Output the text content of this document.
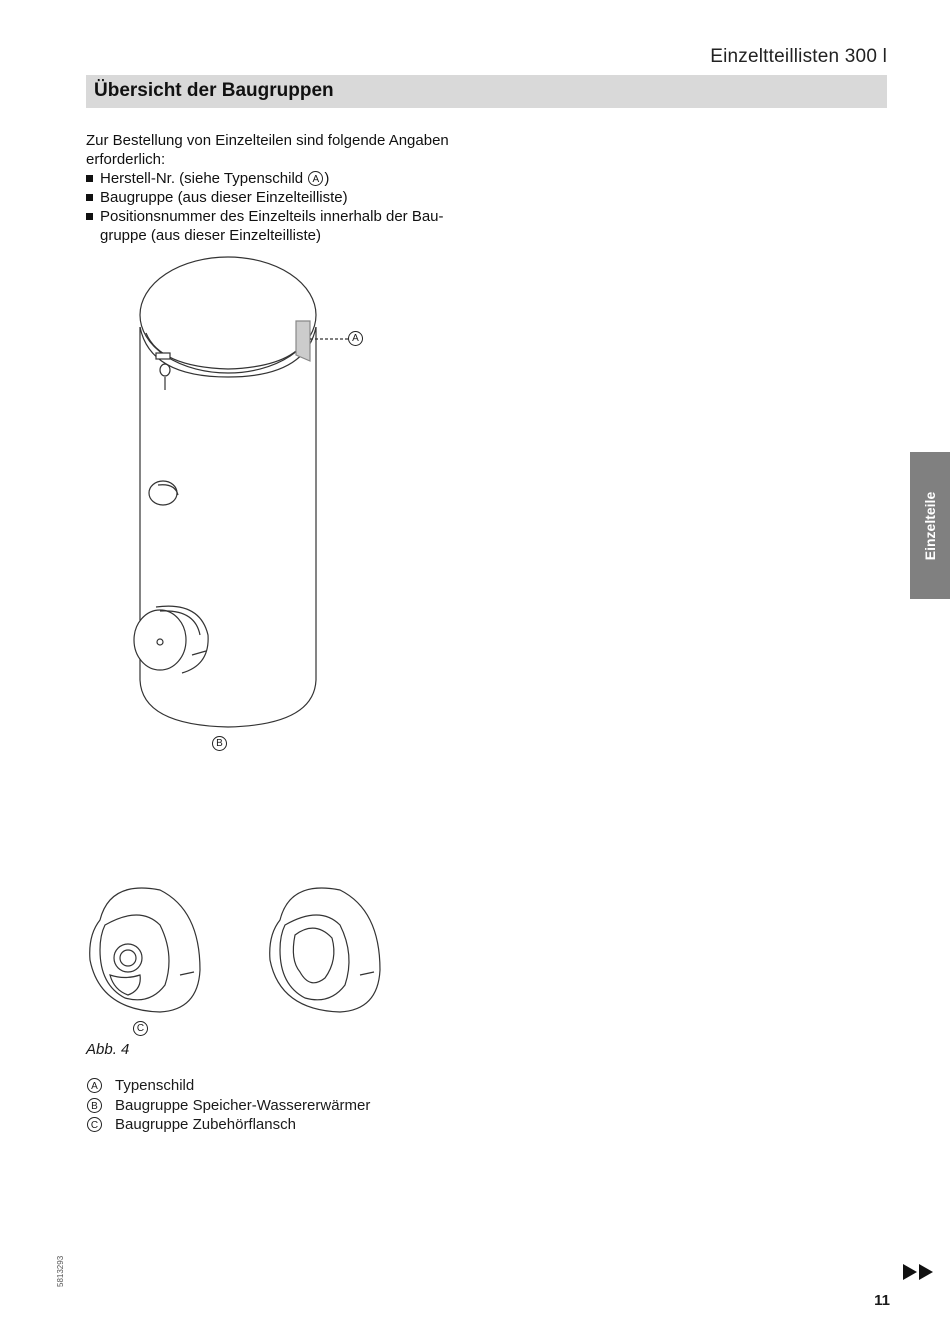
Einzeltteillisten 300 l
Übersicht der Baugruppen
Zur Bestellung von Einzelteilen sind folgende Angaben erforderlich:
Herstell-Nr. (siehe Typenschild A )
Baugruppe (aus dieser Einzelteilliste)
Positionsnummer des Einzelteils innerhalb der Bau-
gruppe (aus dieser Einzelteilliste)
A
B
C
Abb. 4
A Typenschild
B Baugruppe Speicher-Wassererwärmer
C Baugruppe Zubehörflansch
Einzelteile
5813293
11
